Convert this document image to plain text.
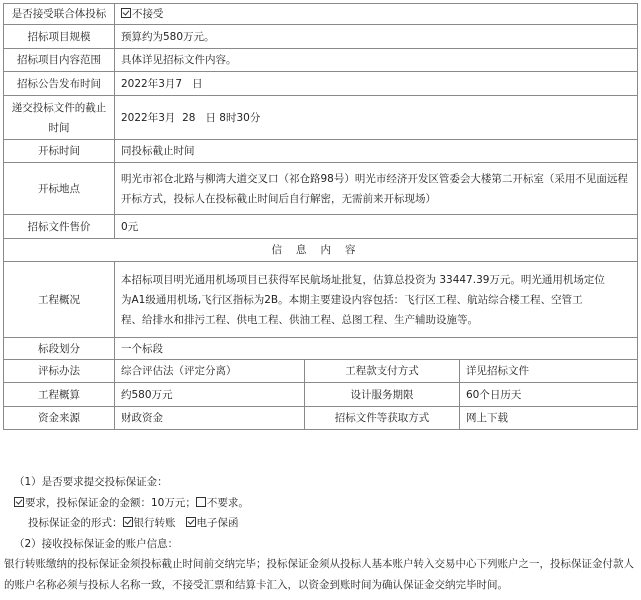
是否接受联合体投标	不接受		
招标项目规模	预算约为580万元。		
招标项目内容范围	具体详见招标文件内容。		
招标公告发布时间	2022年3月7   日		

递交投标文件的截止
时间	2022年3月  28   日 8时30分		
开标时间	同投标截止时间		
开标地点	明光市祁仓北路与柳湾大道交叉口（祁仓路98号）明光市经济开发区管委会大楼第二开标室（采用不见面远程开标方式，投标人在投标截止时间后自行解密，无需前来开标现场）		
招标文件售价	0元		
信息内容			
工程概况	本招标项目明光通用机场项目已获得军民航场址批复，估算总投资为 33447.39万元。明光通用机场定位
为A1级通用机场,飞行区指标为2B。本期主要建设内容包括：飞行区工程、航站综合楼工程、空管工
程、给排水和排污工程、供电工程、供油工程、总图工程、生产辅助设施等。		

标段划分	一个标段		
评标办法	综合评估法（评定分离）	工程款支付方式	详见招标文件
工程概算	约580万元	设计服务期限	60个日历天
资金来源	财政资金	招标文件等获取方式	网上下载
（1）是否要求提交投标保证金：
要求，投标保证金的金额：10万元； 不要求。
投标保证金的形式： 银行转账 电子保函
（2）接收投标保证金的账户信息：
银行转账缴纳的投标保证金须投标截止时间前交纳完毕；投标保证金须从投标人基本账户转入交易中心下列账户之一，投标保证金付款人的账户名称必须与投标人名称一致，不接受汇票和结算卡汇入，以资金到账时间为确认保证金交纳完毕时间。
